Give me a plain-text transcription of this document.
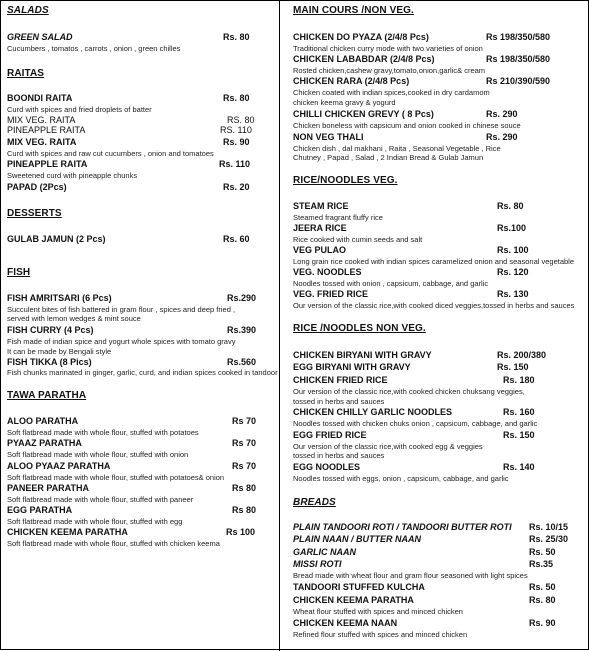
SALADS
GREEN SALAD	Rs. 80
Cucumbers , tomatos , carrots , onion , green chilles
RAITAS
BOONDI RAITA	Rs. 80
Curd with spices and fried droplets of batter
MIX VEG. RAITA	RS. 80
PINEAPPLE RAITA	RS. 110
MIX VEG. RAITA	Rs. 90
Curd with spices and raw cut cucumbers , onion and tomatoes
PINEAPPLE RAITA	Rs. 110
Sweetened curd with pineapple chunks
PAPAD (2Pcs)	Rs. 20
DESSERTS
GULAB JAMUN (2 Pcs)	Rs. 60
FISH
FISH AMRITSARI (6 Pcs)	Rs.290
Succulent bites of fish battered in gram flour , spices and deep fried ,
served with lemon wedges & mint souce
FISH CURRY (4 Pcs)	Rs.390
Fish made of indian spice and yogurt whole spices with tomato gravy
It can be made by Bengali style
FISH TIKKA (8 Pics)	Rs.560
Fish chunks marinated in ginger, garlic, curd, and indian spices cooked in tandoor
TAWA PARATHA
ALOO PARATHA	Rs 70
Soft flatbread made with whole flour, stuffed with potatoes
PYAAZ PARATHA	Rs 70
Soft flatbread made with whole flour, stuffed with onion
ALOO PYAAZ PARATHA	Rs 70
Soft flatbread made with whole flour, stuffed with potatoes& onion
PANEER PARATHA	Rs 80
Soft flatbread made with whole flour, stuffed with paneer
EGG PARATHA	Rs 80
Soft flatbread made with whole flour, stuffed with egg
CHICKEN KEEMA PARATHA	Rs 100
Soft flatbread made with whole flour, stuffed with chicken keema
MAIN COURS /NON VEG.
CHICKEN DO PYAZA (2/4/8 Pcs)	Rs 198/350/580
Traditional chicken curry mode with two varieties of onion
CHICKEN LABABDAR (2/4/8 Pcs)	Rs 198/350/580
Rosted chicken,cashew gravy,tomato,onion,garlic& cream
CHICKEN RARA (2/4/8 Pcs)	Rs 210/390/590
Chicken coated with indian spices,cooked in dry cardamom
chicken keema gravy & yogurd
CHILLI CHICKEN GREVY ( 8 Pcs)	Rs. 290
Chicken boneless with capsicum and onion cooked in chinese souce
NON VEG THALI	Rs. 290
Chicken dish , dal makhani , Raita , Seasonal Vegetable , Rice
Chutney , Papad , Salad , 2 Indian Bread & Gulab Jamun
RICE/NOODLES VEG.
STEAM RICE	Rs. 80
Steamed fragrant fluffy rice
JEERA RICE	Rs.100
Rice cooked with cumin seeds and salt
VEG PULAO	Rs. 100
Long grain rice cooked with indian spices caramelized onion and seasonal vegetable
VEG. NOODLES	Rs. 120
Noodles tossed with onion , capsicum, cabbage, and garlic
VEG. FRIED RICE	Rs. 130
Our version of the classic rice,with cooked diced veggies,tossed in herbs and sauces
RICE /NOODLES NON VEG.
CHICKEN BIRYANI WITH GRAVY	Rs. 200/380
EGG BIRYANI WITH GRAVY	Rs. 150
CHICKEN FRIED RICE	Rs. 180
Our version of the classic rice,with cooked chicken chuksang veggies,
tossed in herbs and sauces
CHICKEN CHILLY GARLIC NOODLES	Rs. 160
Noodles tossed with chicken chuks onion , capsicum, cabbage, and garlic
EGG FRIED RICE	Rs. 150
Our version of the classic rice,with cooked egg & veggies
tossed in herbs and sauces
EGG NOODLES	Rs. 140
Noodles tossed with eggs, onion , capsicum, cabbage, and garlic
BREADS
PLAIN TANDOORI ROTI / TANDOORI BUTTER ROTI Rs. 10/15
PLAIN NAAN / BUTTER NAAN	Rs. 25/30
GARLIC NAAN	Rs. 50
MISSI ROTI	Rs.35
Bread made with wheat flour and gram flour seasoned with light spices
TANDOORI STUFFED KULCHA	Rs. 50
CHICKEN KEEMA PARATHA	Rs. 80
Wheat flour stuffed with spices and minced chicken
CHICKEN KEEMA NAAN	Rs. 90
Refined flour stuffed with spices and minced chicken
